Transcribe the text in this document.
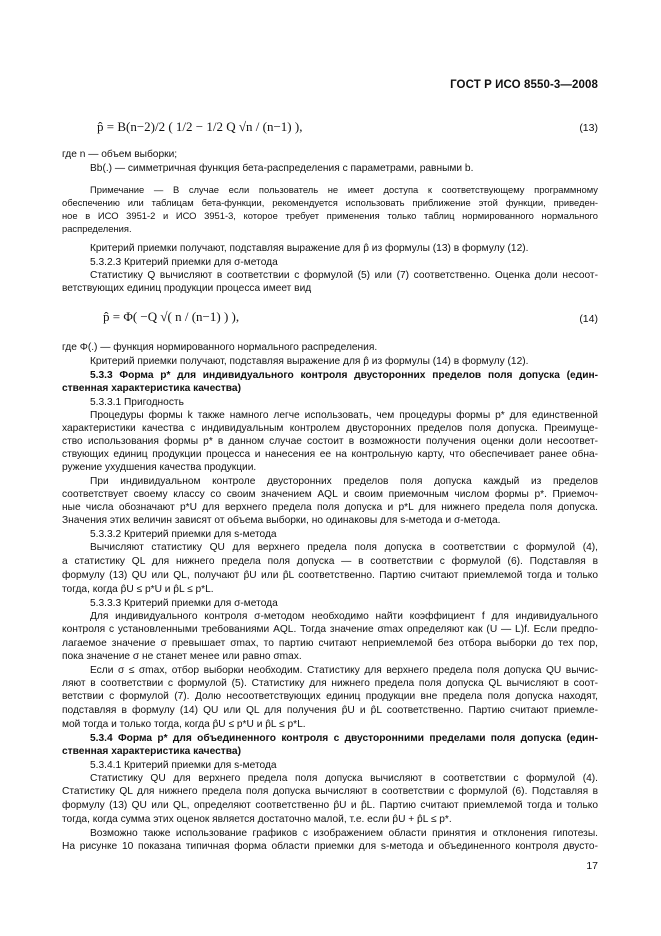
ГОСТ Р ИСО 8550-3—2008
p̂ = B(n−2)/2 ( 1/2 − 1/2 Q √n / (n−1) ),	(13)
где n — объем выборки;
Bb(.) — симметричная функция бета-распределения с параметрами, равными b.
Примечание — В случае если пользователь не имеет доступа к соответствующему программному
обеспечению или таблицам бета-функции, рекомендуется использовать приближение этой функции, приведен-
ное в ИСО 3951-2 и ИСО 3951-3, которое требует применения только таблиц нормированного нормального
распределения.
Критерий приемки получают, подставляя выражение для p̂ из формулы (13) в формулу (12).
5.3.2.3 Критерий приемки для σ-метода
Статистику Q вычисляют в соответствии с формулой (5) или (7) соответственно. Оценка доли несоот-
ветствующих единиц продукции процесса имеет вид
p̂ = Φ( −Q √( n / (n−1) ) ),	(14)
где Φ(.) — функция нормированного нормального распределения.
Критерий приемки получают, подставляя выражение для p̂ из формулы (14) в формулу (12).
5.3.3 Форма p* для индивидуального контроля двусторонних пределов поля допуска (един-
ственная характеристика качества)
5.3.3.1 Пригодность
Процедуры формы k также намного легче использовать, чем процедуры формы p* для единственной
характеристики качества с индивидуальным контролем двусторонних пределов поля допуска. Преимуще-
ство использования формы p* в данном случае состоит в возможности получения оценки доли несоответ-
ствующих единиц продукции процесса и нанесения ее на контрольную карту, что обеспечивает ранее обна-
ружение ухудшения качества продукции.
При индивидуальном контроле двусторонних пределов поля допуска каждый из пределов
соответствует своему классу со своим значением AQL и своим приемочным числом формы p*. Приемоч-
ные числа обозначают p*U для верхнего предела поля допуска и p*L для нижнего предела поля допуска.
Значения этих величин зависят от объема выборки, но одинаковы для s-метода и σ-метода.
5.3.3.2 Критерий приемки для s-метода
Вычисляют статистику QU для верхнего предела поля допуска в соответствии с формулой (4),
а статистику QL для нижнего предела поля допуска — в соответствии с формулой (6). Подставляя в
формулу (13) QU или QL, получают p̂U или p̂L соответственно. Партию считают приемлемой тогда и только
тогда, когда p̂U ≤ p*U и p̂L ≤ p*L.
5.3.3.3 Критерий приемки для σ-метода
Для индивидуального контроля σ-методом необходимо найти коэффициент f для индивидуального
контроля с установленными требованиями AQL. Тогда значение σmax определяют как (U — L)f. Если предпо-
лагаемое значение σ превышает σmax, то партию считают неприемлемой без отбора выборки до тех пор,
пока значение σ не станет менее или равно σmax.
Если σ ≤ σmax, отбор выборки необходим. Статистику для верхнего предела поля допуска QU вычис-
ляют в соответствии с формулой (5). Статистику для нижнего предела поля допуска QL вычисляют в соот-
ветствии с формулой (7). Долю несоответствующих единиц продукции вне предела поля допуска находят,
подставляя в формулу (14) QU или QL для получения p̂U и p̂L соответственно. Партию считают приемле-
мой тогда и только тогда, когда p̂U ≤ p*U и p̂L ≤ p*L.
5.3.4 Форма p* для объединенного контроля с двусторонними пределами поля допуска (един-
ственная характеристика качества)
5.3.4.1 Критерий приемки для s-метода
Статистику QU для верхнего предела поля допуска вычисляют в соответствии с формулой (4).
Статистику QL для нижнего предела поля допуска вычисляют в соответствии с формулой (6). Подставляя в
формулу (13) QU или QL, определяют соответственно p̂U и p̂L. Партию считают приемлемой тогда и только
тогда, когда сумма этих оценок является достаточно малой, т.е. если p̂U + p̂L ≤ p*.
Возможно также использование графиков с изображением области принятия и отклонения гипотезы.
На рисунке 10 показана типичная форма области приемки для s-метода и объединенного контроля двусто-
17
